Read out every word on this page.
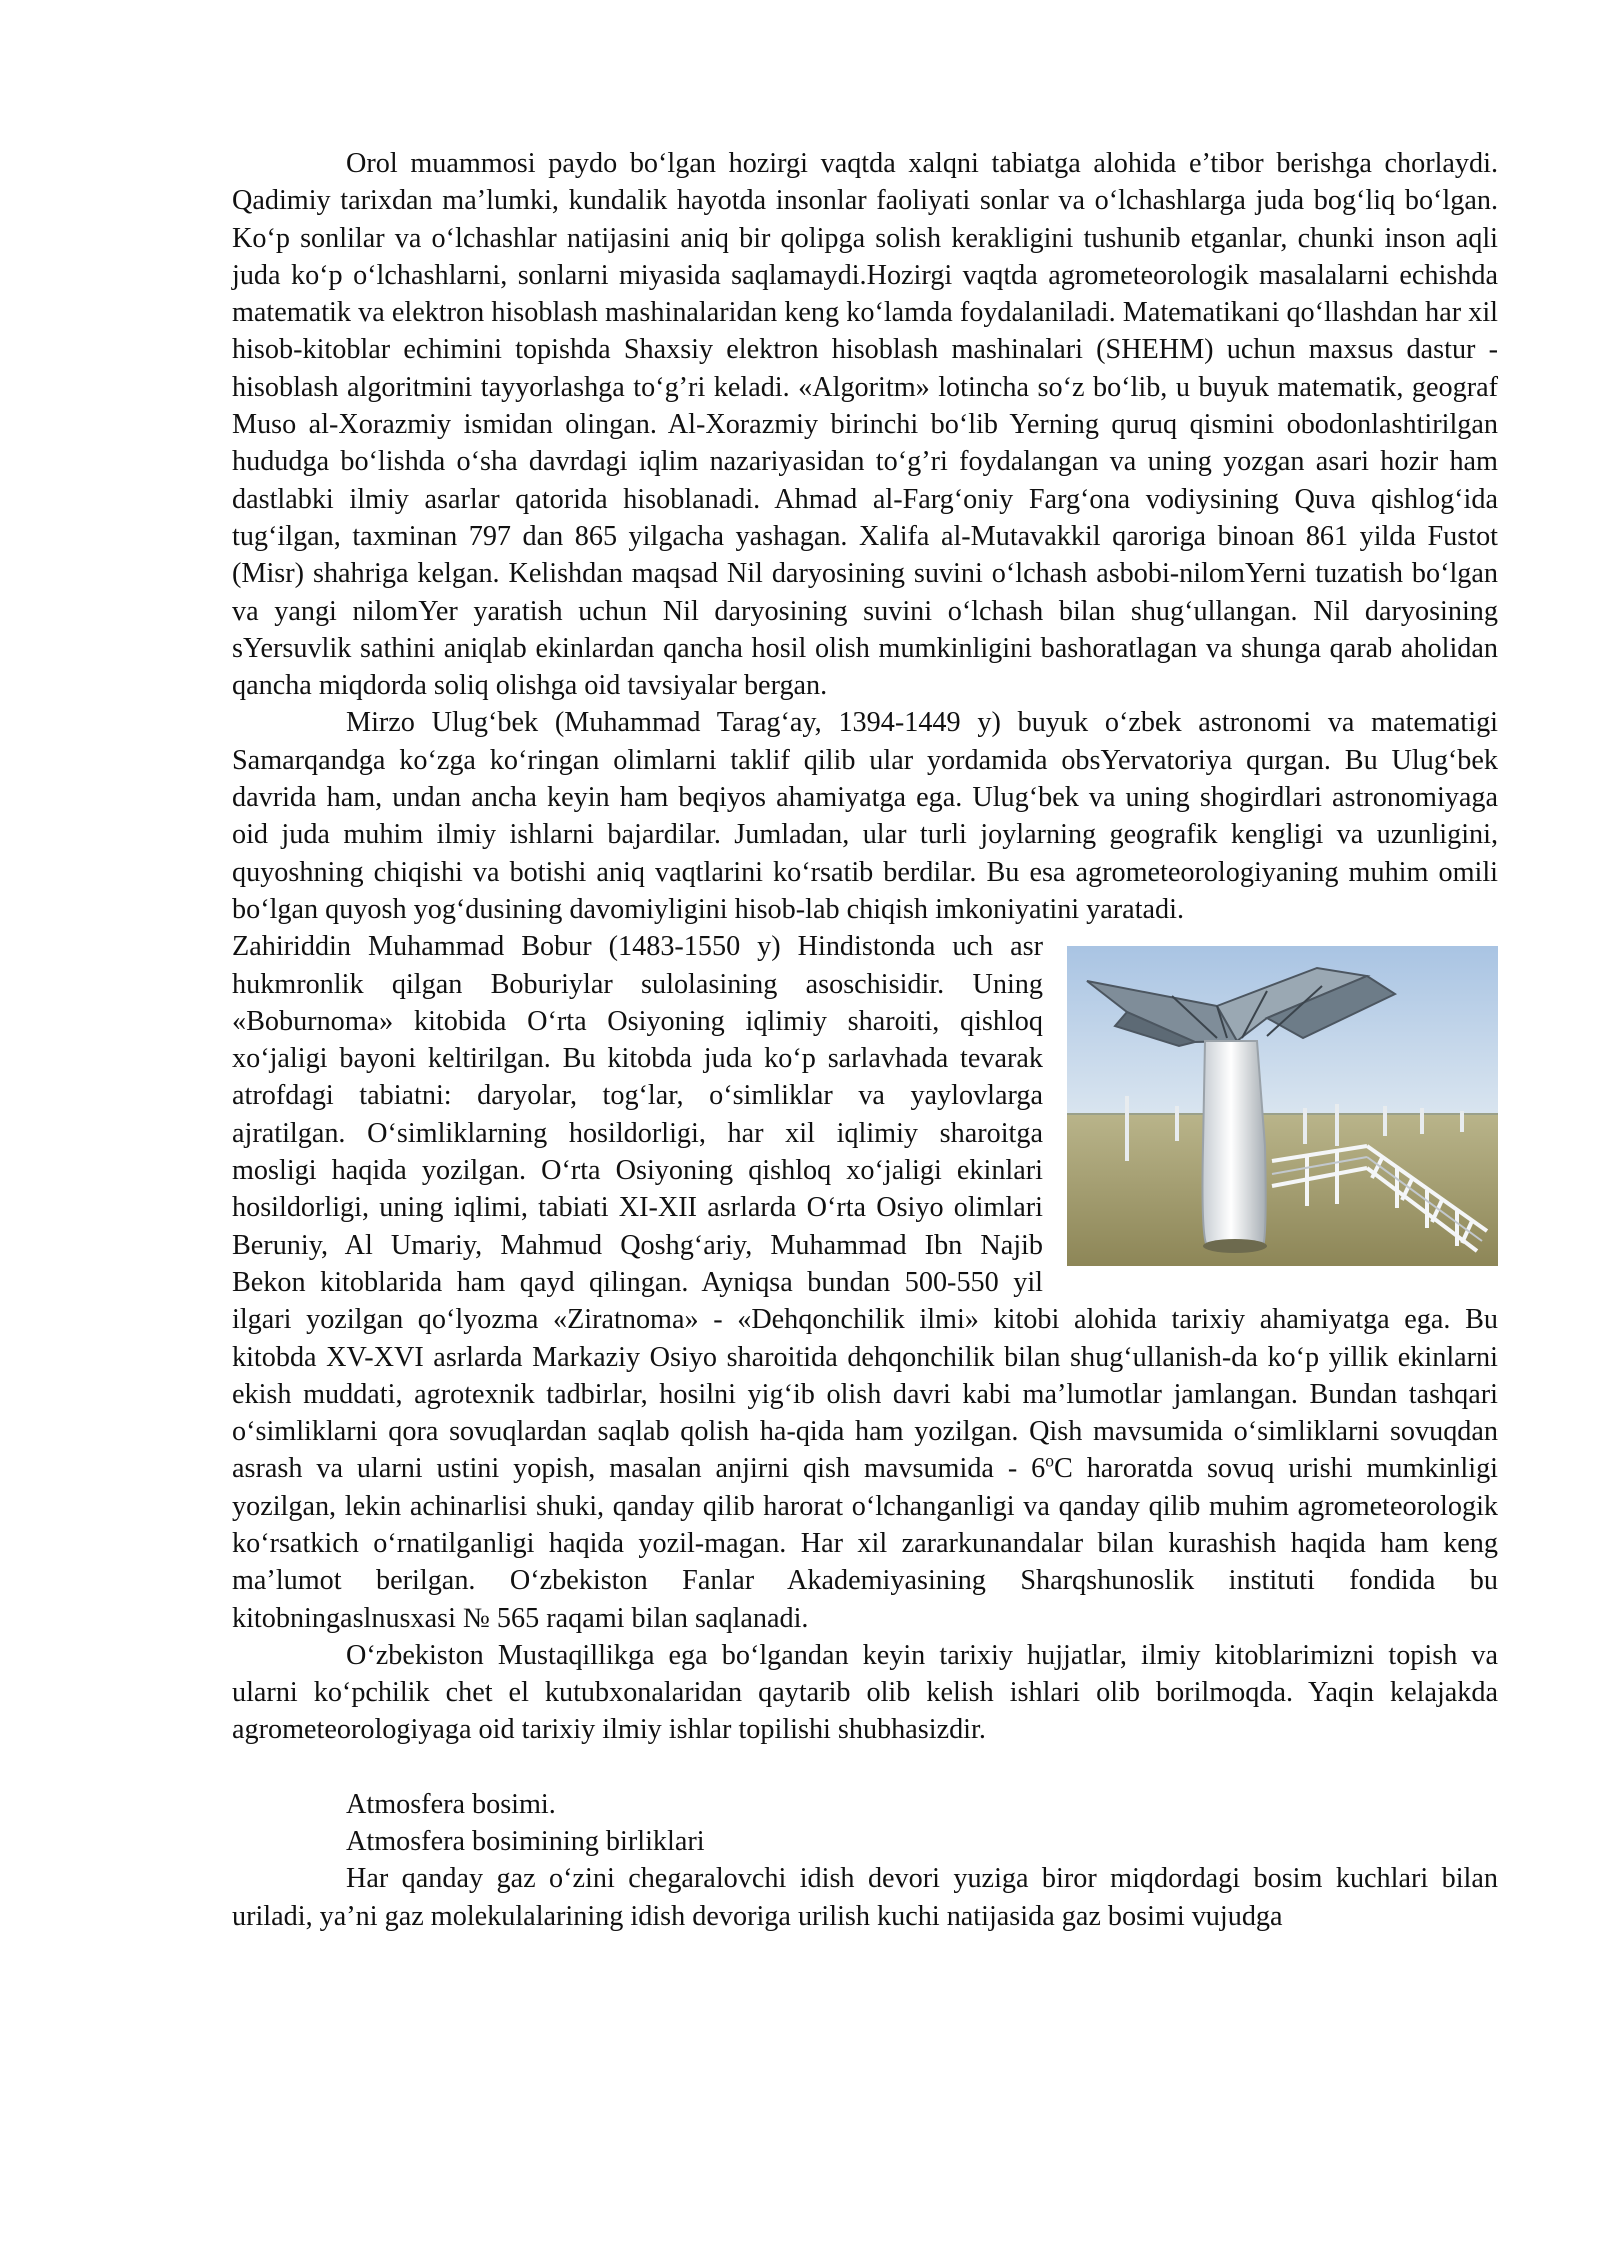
Orol muammosi paydo bo‘lgan hozirgi vaqtda xalqni tabiatga alohida e’tibor berishga chorlaydi. Qadimiy tarixdan ma’lumki, kundalik hayotda insonlar faoliyati sonlar va o‘lchashlarga juda bog‘liq bo‘lgan. Ko‘p sonlilar va o‘lchashlar natijasini aniq bir qolipga solish kerakligini tushunib etganlar, chunki inson aqli juda ko‘p o‘lchashlarni, sonlarni miyasida saqlamaydi.Hozirgi vaqtda agrometeorologik masalalarni echishda matematik va elektron hisoblash mashinalaridan keng ko‘lamda foydalaniladi. Matematikani qo‘llashdan har xil hisob-kitoblar echimini topishda Shaxsiy elektron hisoblash mashinalari (SHEHM) uchun maxsus dastur - hisoblash algoritmini tayyorlashga to‘g’ri keladi. «Algoritm» lotincha so‘z bo‘lib, u buyuk matematik, geograf Muso al-Xorazmiy ismidan olingan. Al-Xorazmiy birinchi bo‘lib Yerning quruq qismini obodonlashtirilgan hududga bo‘lishda o‘sha davrdagi iqlim nazariyasidan to‘g’ri foydalangan va uning yozgan asari hozir ham dastlabki ilmiy asarlar qatorida hisoblanadi. Ahmad al-Farg‘oniy Farg‘ona vodiysining Quva qishlog‘ida tug‘ilgan, taxminan 797 dan 865 yilgacha yashagan. Xalifa al-Mutavakkil qaroriga binoan 861 yilda Fustot (Misr) shahriga kelgan. Kelishdan maqsad Nil daryosining suvini o‘lchash asbobi-nilomYerni tuzatish bo‘lgan va yangi nilomYer yaratish uchun Nil daryosining suvini o‘lchash bilan shug‘ullangan. Nil daryosining sYersuvlik sathini aniqlab ekinlardan qancha hosil olish mumkinligini bashoratlagan va shunga qarab aholidan qancha miqdorda soliq olishga oid tavsiyalar bergan.

Mirzo Ulug‘bek (Muhammad Tarag‘ay, 1394-1449 y) buyuk o‘zbek astronomi va matematigi Samarqandga ko‘zga ko‘ringan olimlarni taklif qilib ular yordamida obsYervatoriya qurgan. Bu Ulug‘bek davrida ham, undan ancha keyin ham beqiyos ahamiyatga ega. Ulug‘bek va uning shogirdlari astronomiyaga oid juda muhim ilmiy ishlarni bajardilar. Jumladan, ular turli joylarning geografik kengligi va uzunligini, quyoshning chiqishi va botishi aniq vaqtlarini ko‘rsatib berdilar. Bu esa agrometeorologiyaning muhim omili bo‘lgan quyosh yog‘dusining davomiyligini hisob-lab chiqish imkoniyatini yaratadi.

Zahiriddin Muhammad Bobur (1483-1550 y) Hindistonda uch asr hukmronlik qilgan Boburiylar sulolasining asoschisidir. Uning «Boburnoma» kitobida O‘rta Osiyoning iqlimiy sharoiti, qishloq xo‘jaligi bayoni keltirilgan. Bu kitobda juda ko‘p sarlavhada tevarak atrofdagi tabiatni: daryolar, tog‘lar, o‘simliklar va yaylovlarga ajratilgan. O‘simliklarning hosildorligi, har xil iqlimiy sharoitga mosligi haqida yozilgan. O‘rta Osiyoning qishloq xo‘jaligi ekinlari hosildorligi, uning iqlimi, tabiati XI-XII asrlarda O‘rta Osiyo olimlari Beruniy, Al Umariy, Mahmud Qoshg‘ariy, Muhammad Ibn Najib Bekon kitoblarida ham qayd qilingan. Ayniqsa bundan 500-550 yil ilgari yozilgan qo‘lyozma «Ziratnoma» - «Dehqonchilik ilmi» kitobi alohida tarixiy ahamiyatga ega. Bu kitobda XV-XVI asrlarda Markaziy Osiyo sharoitida dehqonchilik bilan shug‘ullanish-da ko‘p yillik ekinlarni ekish muddati, agrotexnik tadbirlar, hosilni yig‘ib olish davri kabi ma’lumotlar jamlangan. Bundan tashqari o‘simliklarni qora sovuqlardan saqlab qolish ha-qida ham yozilgan. Qish mavsumida o‘simliklarni sovuqdan asrash va ularni ustini yopish, masalan anjirni qish mavsumida - 6$^o$C haroratda sovuq urishi mumkinligi yozilgan, lekin achinarlisi shuki, qanday qilib harorat o‘lchanganligi va qanday qilib muhim agrometeorologik ko‘rsatkich o‘rnatilganligi haqida yozil-magan. Har xil zararkunandalar bilan kurashish haqida ham keng ma’lumot berilgan. O‘zbekiston Fanlar Akademiyasining Sharqshunoslik instituti fondida bu kitobningaslnusxasi № 565 raqami bilan saqlanadi.

O‘zbekiston Mustaqillikga ega bo‘lgandan keyin tarixiy hujjatlar, ilmiy kitoblarimizni topish va ularni ko‘pchilik chet el kutubxonalaridan qaytarib olib kelish ishlari olib borilmoqda. Yaqin kelajakda agrometeorologiyaga oid tarixiy ilmiy ishlar topilishi shubhasizdir.

Atmosfera bosimi.

Atmosfera bosimining birliklari

Har qanday gaz o‘zini chegaralovchi idish devori yuziga biror miqdordagi bosim kuchlari bilan uriladi, ya’ni gaz molekulalarining idish devoriga urilish kuchi natijasida gaz bosimi vujudga
